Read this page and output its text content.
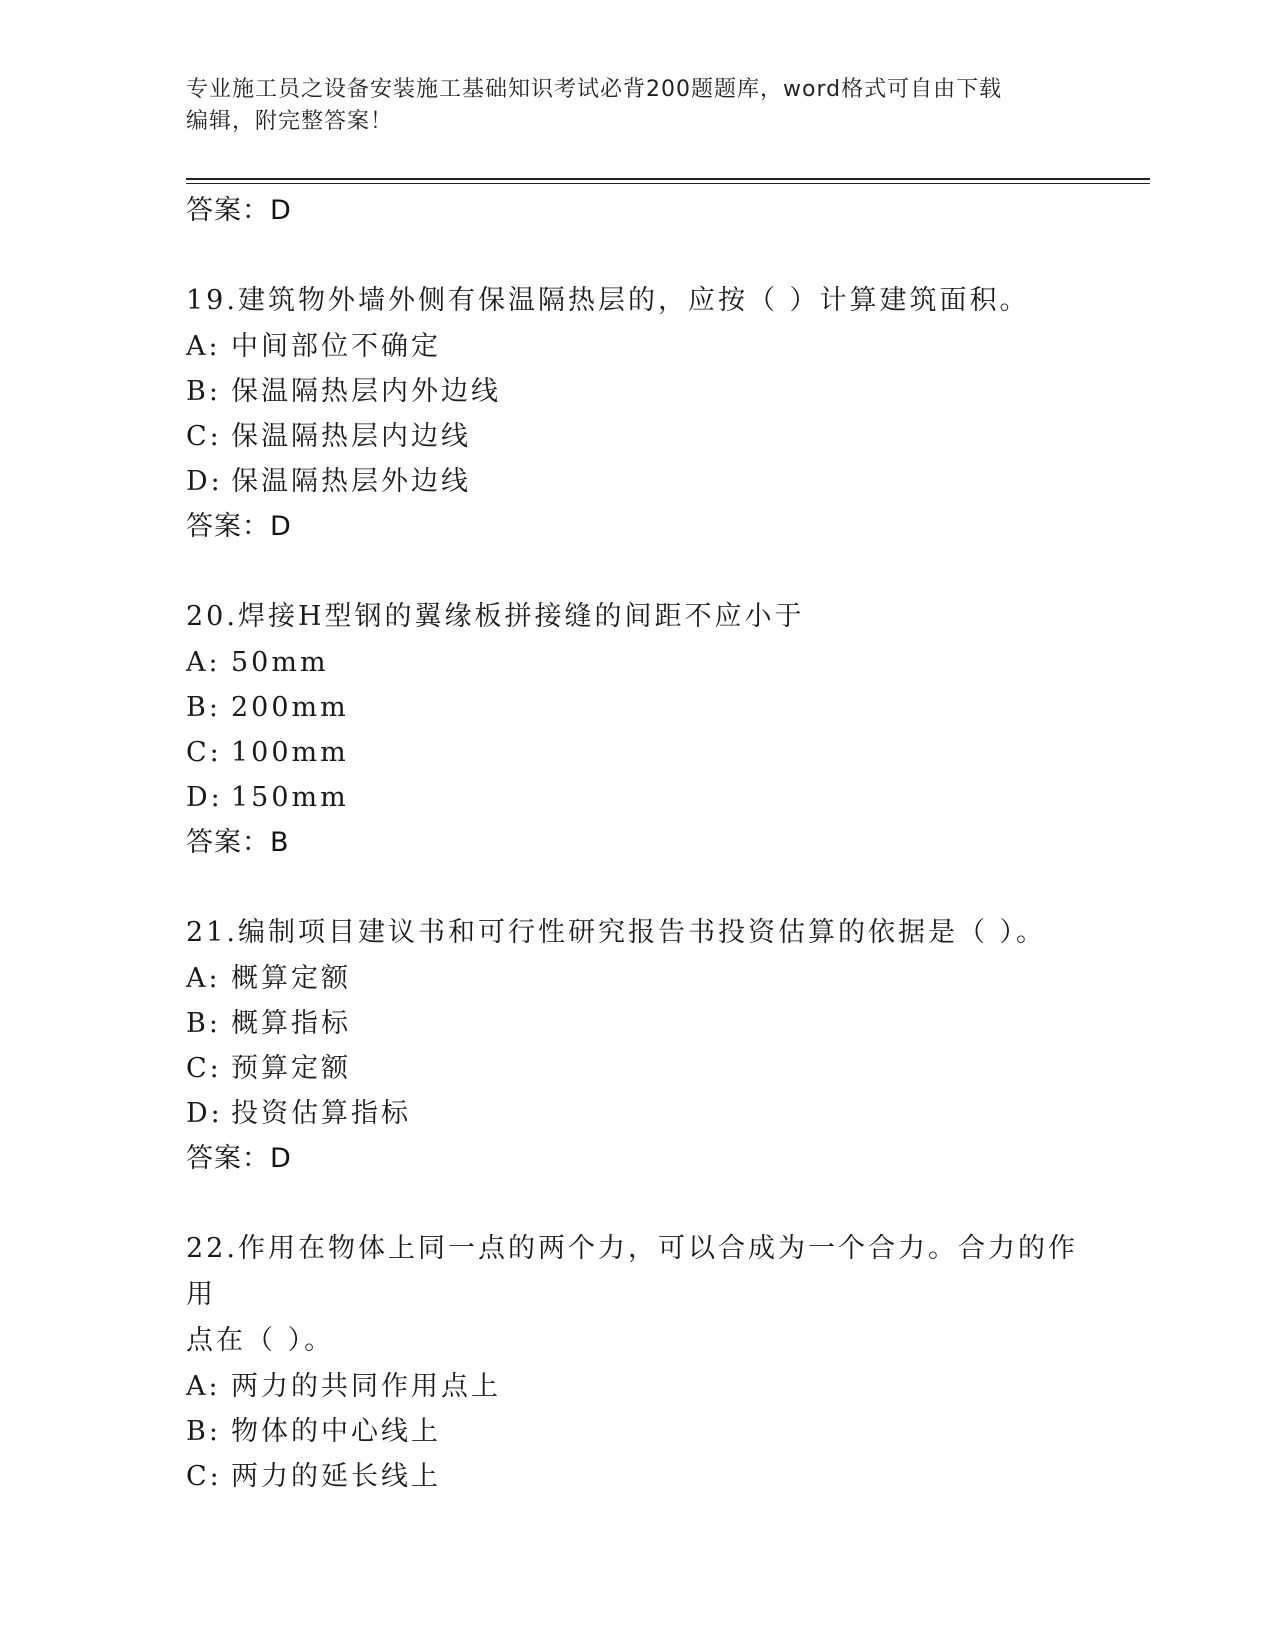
专业施工员之设备安装施工基础知识考试必背200题题库，word格式可自由下载
编辑，附完整答案！
答案：D
19.建筑物外墙外侧有保温隔热层的，应按（ ）计算建筑面积。
A: 中间部位不确定
B: 保温隔热层内外边线
C: 保温隔热层内边线
D: 保温隔热层外边线
答案：D
20.焊接H型钢的翼缘板拼接缝的间距不应小于
A: 50mm
B: 200mm
C: 100mm
D: 150mm
答案：B
21.编制项目建议书和可行性研究报告书投资估算的依据是（ ）。
A: 概算定额
B: 概算指标
C: 预算定额
D: 投资估算指标
答案：D
22.作用在物体上同一点的两个力，可以合成为一个合力。合力的作用
点在（ ）。
A: 两力的共同作用点上
B: 物体的中心线上
C: 两力的延长线上
